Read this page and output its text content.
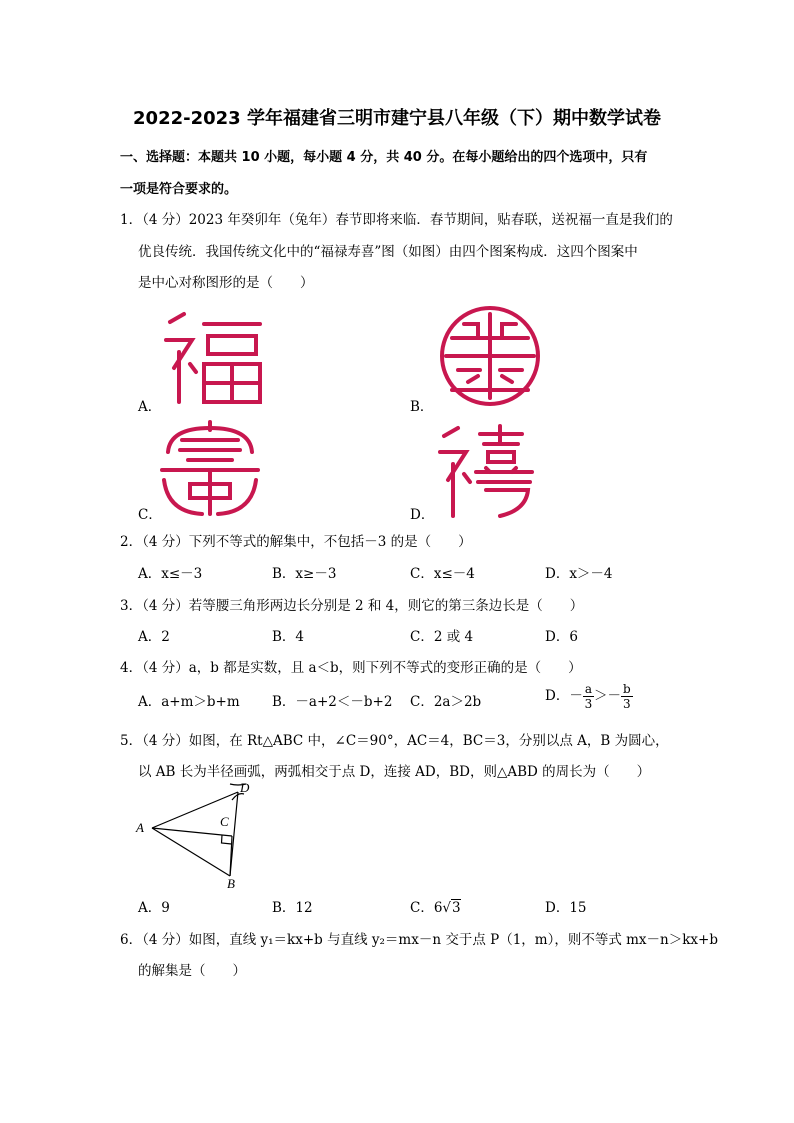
2022-2023 学年福建省三明市建宁县八年级（下）期中数学试卷
一、选择题：本题共 10 小题，每小题 4 分，共 40 分。在每小题给出的四个选项中，只有
一项是符合要求的。
1．（4 分）2023 年癸卯年（兔年）春节即将来临．春节期间，贴春联，送祝福一直是我们的
优良传统．我国传统文化中的“福禄寿喜”图（如图）由四个图案构成．这四个图案中
是中心对称图形的是（　　）
A．	B．
C．	D．
2．（4 分）下列不等式的解集中，不包括－3 的是（　　）
A．x≤－3	B．x≥－3	C．x≤－4	D．x＞－4
3．（4 分）若等腰三角形两边长分别是 2 和 4，则它的第三条边长是（　　）
A．2	B．4	C．2 或 4	D．6
4．（4 分）a，b 都是实数，且 a＜b，则下列不等式的变形正确的是（　　）
A．a+m＞b+m B．－a+2＜－b+2 C．2a＞2b	D．－ $\frac{a}{3} >- \frac{b}{3}$
5．（4 分）如图，在 Rt△ABC 中，∠C＝90°，AC＝4，BC＝3，分别以点 A，B 为圆心，
以 AB 长为半径画弧，两弧相交于点 D，连接 AD，BD，则△ABD 的周长为（　　）
A
D
C
B
A．9	B．12	C．6√3	D．15
6．（4 分）如图，直线 y₁＝kx+b 与直线 y₂＝mx－n 交于点 P（1，m），则不等式 mx－n＞kx+b
的解集是（　　）
